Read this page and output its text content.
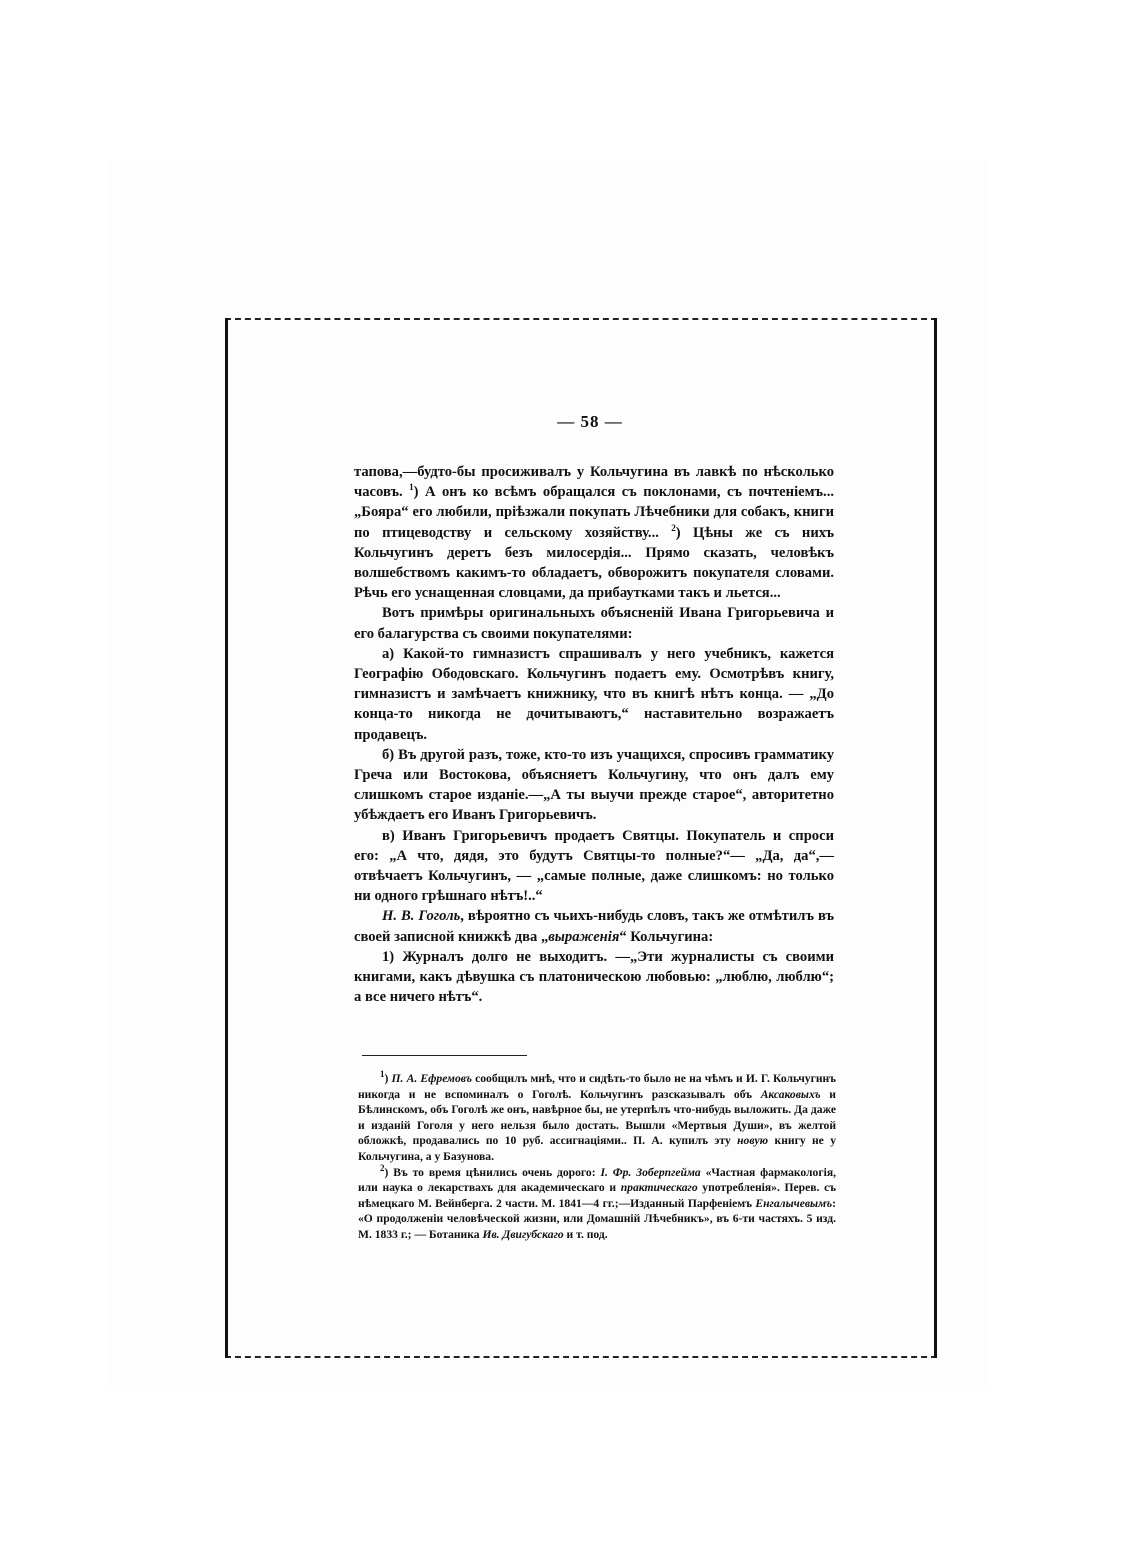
— 58 —

тапова,—будто-бы просиживалъ у Кольчугина въ лавкѣ по нѣсколько часовъ. $^1$) А онъ ко всѣмъ обращался съ поклонами, съ почтеніемъ... „Бояра“ его любили, пріѣзжали покупать Лѣчебники для собакъ, книги по птицеводству и сельскому хозяйству... $^2$) Цѣны же съ нихъ Кольчугинъ деретъ безъ милосердія... Прямо сказать, человѣкъ волшебствомъ какимъ-то обладаетъ, обворожитъ покупателя словами. Рѣчь его уснащенная словцами, да прибаутками такъ и льется...

Вотъ примѣры оригинальныхъ объясненій Ивана Григорьевича и его балагурства съ своими покупателями:

а) Какой-то гимназистъ спрашивалъ у него учебникъ, кажется Географію Ободовскаго. Кольчугинъ подаетъ ему. Осмотрѣвъ книгу, гимназистъ и замѣчаетъ книжнику, что въ книгѣ нѣтъ конца. — „До конца-то никогда не дочитываютъ,“ наставительно возражаетъ продавецъ.

б) Въ другой разъ, тоже, кто-то изъ учащихся, спросивъ грамматику Греча или Востокова, объясняетъ Кольчугину, что онъ далъ ему слишкомъ старое изданіе.—„А ты выучи прежде старое“, авторитетно убѣждаетъ его Иванъ Григорьевичъ.

в) Иванъ Григорьевичъ продаетъ Святцы. Покупатель и спроси его: „А что, дядя, это будутъ Святцы-то полные?“— „Да, да“,—отвѣчаетъ Кольчугинъ, — „самые полные, даже слишкомъ: но только ни одного грѣшнаго нѣтъ!..“

Н. В. Гоголь, вѣроятно съ чьихъ-нибудь словъ, такъ же отмѣтилъ въ своей записной книжкѣ два „выраженія“ Кольчугина:

1) Журналъ долго не выходитъ. —„Эти журналисты съ своими книгами, какъ дѣвушка съ платоническою любовью: „люблю, люблю“; а все ничего нѣтъ“.

$^1$) П. А. Ефремовъ сообщилъ мнѣ, что и сидѣть-то было не на чѣмъ и И. Г. Кольчугинъ никогда и не вспоминалъ о Гоголѣ. Кольчугинъ разсказывалъ объ Аксаковыхъ и Бѣлинскомъ, объ Гоголѣ же онъ, навѣрное бы, не утерпѣлъ что-нибудь выложить. Да даже и изданій Гоголя у него нельзя было достать. Вышли «Мертвыя Души», въ желтой обложкѣ, продавались по 10 руб. ассигнаціями.. П. А. купилъ эту новую книгу не у Кольчугина, а у Базунова.

$^2$) Въ то время цѣнились очень дорого: І. Фр. Зоберпгейма «Частная фармакологія, или наука о лекарствахъ для академическаго и практическаго употребленія». Перев. съ нѣмецкаго М. Вейнберга. 2 части. М. 1841—4 гг.;—Изданный Парфеніемъ Енгалычевымъ: «О продолженіи человѣческой жизни, или Домашній Лѣчебникъ», въ 6-ти частяхъ. 5 изд. М. 1833 г.; — Ботаника Ив. Двигубскаго и т. под.
